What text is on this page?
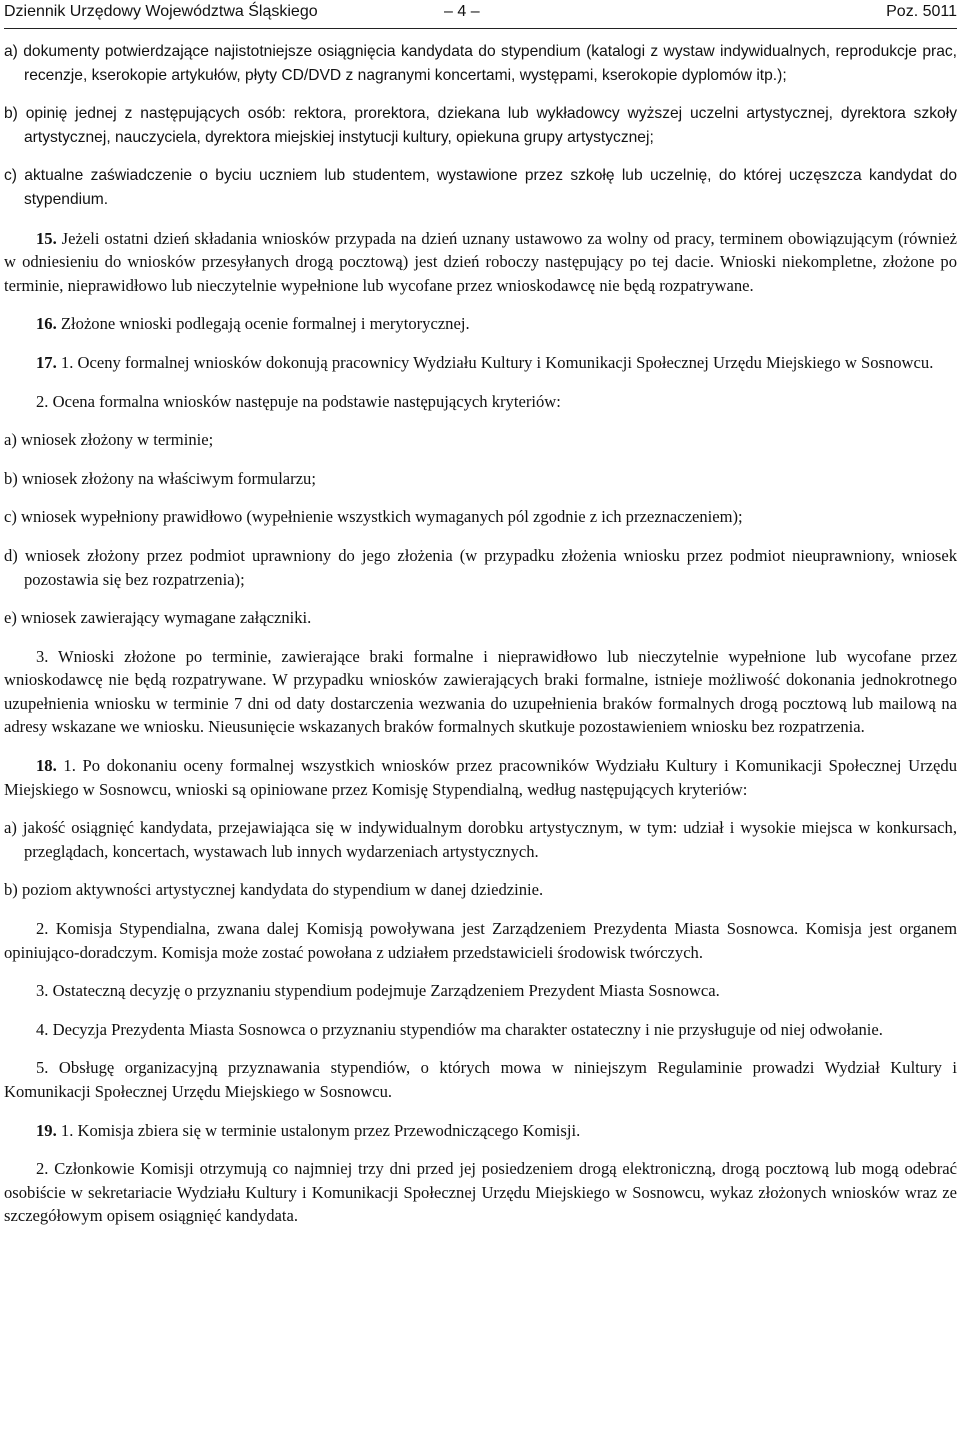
Dziennik Urzędowy Województwa Śląskiego	– 4 –	Poz. 5011

a) dokumenty potwierdzające najistotniejsze osiągnięcia kandydata do stypendium (katalogi z wystaw indywidualnych, reprodukcje prac, recenzje, kserokopie artykułów, płyty CD/DVD z nagranymi koncertami, występami, kserokopie dyplomów itp.);

b) opinię jednej z następujących osób: rektora, prorektora, dziekana lub wykładowcy wyższej uczelni artystycznej, dyrektora szkoły artystycznej, nauczyciela, dyrektora miejskiej instytucji kultury, opiekuna grupy artystycznej;

c) aktualne zaświadczenie o byciu uczniem lub studentem, wystawione przez szkołę lub uczelnię, do której uczęszcza kandydat do stypendium.

15. Jeżeli ostatni dzień składania wniosków przypada na dzień uznany ustawowo za wolny od pracy, terminem obowiązującym (również w odniesieniu do wniosków przesyłanych drogą pocztową) jest dzień roboczy następujący po tej dacie. Wnioski niekompletne, złożone po terminie, nieprawidłowo lub nieczytelnie wypełnione lub wycofane przez wnioskodawcę nie będą rozpatrywane.

16. Złożone wnioski podlegają ocenie formalnej i merytorycznej.

17. 1. Oceny formalnej wniosków dokonują pracownicy Wydziału Kultury i Komunikacji Społecznej Urzędu Miejskiego w Sosnowcu.

2. Ocena formalna wniosków następuje na podstawie następujących kryteriów:

a) wniosek złożony w terminie;

b) wniosek złożony na właściwym formularzu;

c) wniosek wypełniony prawidłowo (wypełnienie wszystkich wymaganych pól zgodnie z ich przeznaczeniem);

d) wniosek złożony przez podmiot uprawniony do jego złożenia (w przypadku złożenia wniosku przez podmiot nieuprawniony, wniosek pozostawia się bez rozpatrzenia);

e) wniosek zawierający wymagane załączniki.

3. Wnioski złożone po terminie, zawierające braki formalne i nieprawidłowo lub nieczytelnie wypełnione lub wycofane przez wnioskodawcę nie będą rozpatrywane. W przypadku wniosków zawierających braki formalne, istnieje możliwość dokonania jednokrotnego uzupełnienia wniosku w terminie 7 dni od daty dostarczenia wezwania do uzupełnienia braków formalnych drogą pocztową lub mailową na adresy wskazane we wniosku. Nieusunięcie wskazanych braków formalnych skutkuje pozostawieniem wniosku bez rozpatrzenia.

18. 1. Po dokonaniu oceny formalnej wszystkich wniosków przez pracowników Wydziału Kultury i Komunikacji Społecznej Urzędu Miejskiego w Sosnowcu, wnioski są opiniowane przez Komisję Stypendialną, według następujących kryteriów:

a) jakość osiągnięć kandydata, przejawiająca się w indywidualnym dorobku artystycznym, w tym: udział i wysokie miejsca w konkursach, przeglądach, koncertach, wystawach lub innych wydarzeniach artystycznych.

b) poziom aktywności artystycznej kandydata do stypendium w danej dziedzinie.

2. Komisja Stypendialna, zwana dalej Komisją powoływana jest Zarządzeniem Prezydenta Miasta Sosnowca. Komisja jest organem opiniująco-doradczym. Komisja może zostać powołana z udziałem przedstawicieli środowisk twórczych.

3. Ostateczną decyzję o przyznaniu stypendium podejmuje Zarządzeniem Prezydent Miasta Sosnowca.

4. Decyzja Prezydenta Miasta Sosnowca o przyznaniu stypendiów ma charakter ostateczny i nie przysługuje od niej odwołanie.

5. Obsługę organizacyjną przyznawania stypendiów, o których mowa w niniejszym Regulaminie prowadzi Wydział Kultury i Komunikacji Społecznej Urzędu Miejskiego w Sosnowcu.

19. 1. Komisja zbiera się w terminie ustalonym przez Przewodniczącego Komisji.

2. Członkowie Komisji otrzymują co najmniej trzy dni przed jej posiedzeniem drogą elektroniczną, drogą pocztową lub mogą odebrać osobiście w sekretariacie Wydziału Kultury i Komunikacji Społecznej Urzędu Miejskiego w Sosnowcu, wykaz złożonych wniosków wraz ze szczegółowym opisem osiągnięć kandydata.
